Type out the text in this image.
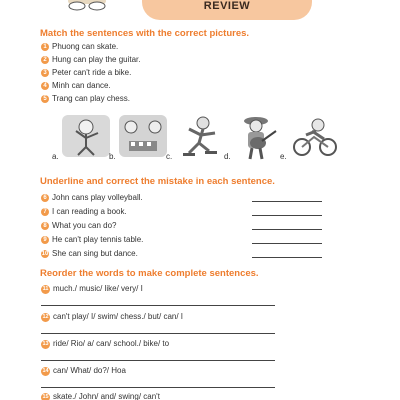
REVIEW
Match the sentences with the correct pictures.
1 Phuong can skate.
2 Hung can play the guitar.
3 Peter can't ride a bike.
4 Minh can dance.
5 Trang can play chess.
a.	b.	c.	d.	e.
Underline and correct the mistake in each sentence.
6 John cans play volleyball.
7 I can reading a book.
8 What you can do?
9 He can't play tennis table.
10 She can sing but dance.
Reorder the words to make complete sentences.
11 much./ music/ like/ very/ I
12 can't play/ I/ swim/ chess./ but/ can/ I
13 ride/ Rio/ a/ can/ school./ bike/ to
14 can/ What/ do?/ Hoa
15 skate./ John/ and/ swing/ can't
